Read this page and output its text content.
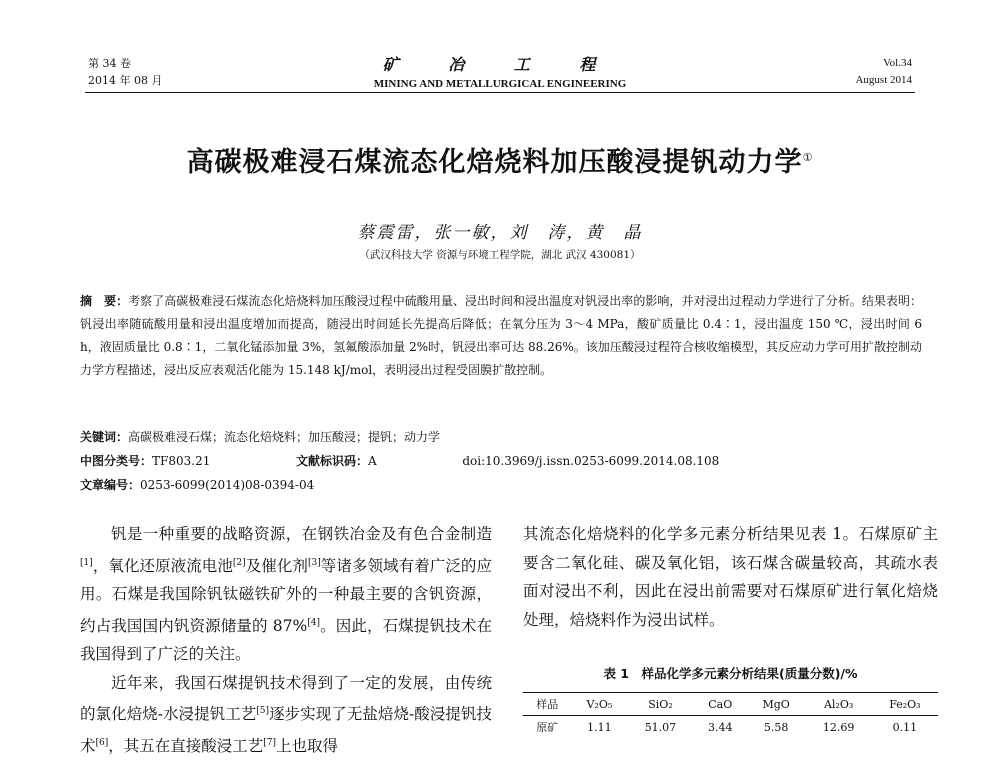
第 34 卷
2014 年 08 月
矿 冶 工 程
MINING AND METALLURGICAL ENGINEERING
Vol.34
August 2014
高碳极难浸石煤流态化焙烧料加压酸浸提钒动力学①
蔡震雷，张一敏，刘　涛，黄　晶
（武汉科技大学 资源与环境工程学院，湖北 武汉 430081）
摘　要：考察了高碳极难浸石煤流态化焙烧料加压酸浸过程中硫酸用量、浸出时间和浸出温度对钒浸出率的影响，并对浸出过程动力学进行了分析。结果表明：钒浸出率随硫酸用量和浸出温度增加而提高，随浸出时间延长先提高后降低；在氧分压为 3～4 MPa，酸矿质量比 0.4∶1，浸出温度 150 ℃，浸出时间 6 h，液固质量比 0.8∶1，二氧化锰添加量 3%，氢氟酸添加量 2%时，钒浸出率可达 88.26%。该加压酸浸过程符合核收缩模型，其反应动力学可用扩散控制动力学方程描述，浸出反应表观活化能为 15.148 kJ/mol，表明浸出过程受固膜扩散控制。
关键词：高碳极难浸石煤；流态化焙烧料；加压酸浸；提钒；动力学
中图分类号：TF803.21	文献标识码：A	doi:10.3969/j.issn.0253-6099.2014.08.108
文章编号：0253-6099(2014)08-0394-04
钒是一种重要的战略资源，在钢铁冶金及有色合金制造[1]，氧化还原液流电池[2]及催化剂[3]等诸多领域有着广泛的应用。石煤是我国除钒钛磁铁矿外的一种最主要的含钒资源，约占我国国内钒资源储量的 87%[4]。因此，石煤提钒技术在我国得到了广泛的关注。
近年来，我国石煤提钒技术得到了一定的发展，由传统的氯化焙烧-水浸提钒工艺[5]逐步实现了无盐焙烧-酸浸提钒技术[6]，其五在直接酸浸工艺[7]上也取得
其流态化焙烧料的化学多元素分析结果见表 1。石煤原矿主要含二氧化硅、碳及氧化铝，该石煤含碳量较高，其疏水表面对浸出不利，因此在浸出前需要对石煤原矿进行氧化焙烧处理，焙烧料作为浸出试样。
表 1　样品化学多元素分析结果(质量分数)/%
样品	V₂O₅	SiO₂	CaO	MgO	Al₂O₃	Fe₂O₃
原矿	1.11	51.07	3.44	5.58	12.69	0.11
